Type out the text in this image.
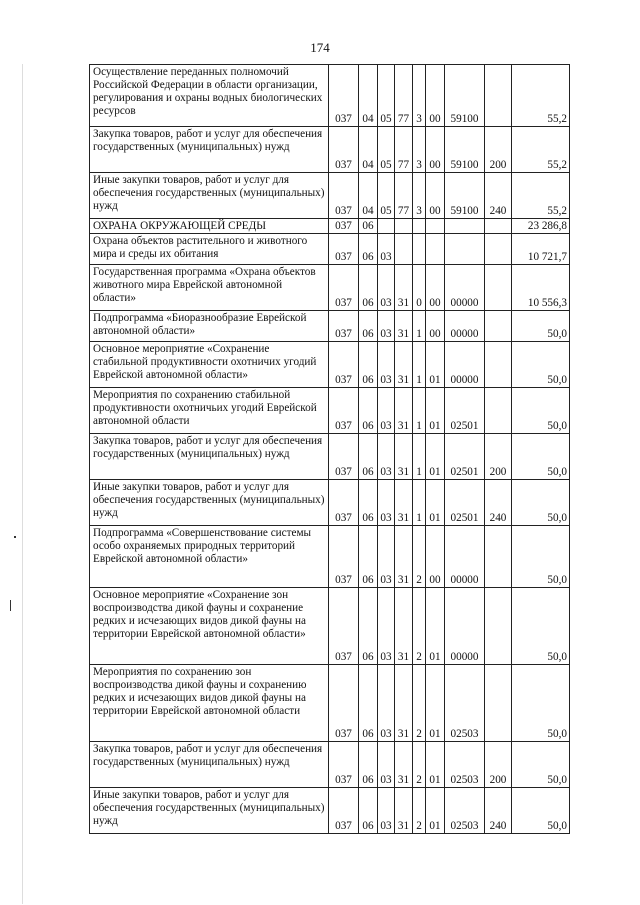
174
Осуществление переданных полномочий Российской Федерации в области организации, регулирования и охраны водных биологических ресурсов	037	04	05	77	3	00	59100		55,2
Закупка товаров, работ и услуг для обеспечения государственных (муниципальных) нужд	037	04	05	77	3	00	59100	200	55,2
Иные закупки товаров, работ и услуг для обеспечения государственных (муниципальных) нужд	037	04	05	77	3	00	59100	240	55,2
ОХРАНА ОКРУЖАЮЩЕЙ СРЕДЫ	037	06							23 286,8
Охрана объектов растительного и животного мира и среды их обитания	037	06	03						10 721,7
Государственная программа «Охрана объектов животного мира Еврейской автономной области»	037	06	03	31	0	00	00000		10 556,3
Подпрограмма «Биоразнообразие Еврейской автономной области»	037	06	03	31	1	00	00000		50,0
Основное мероприятие «Сохранение стабильной продуктивности охотничих угодий Еврейской автономной области»	037	06	03	31	1	01	00000		50,0
Мероприятия по сохранению стабильной продуктивности охотничьих угодий Еврейской автономной области	037	06	03	31	1	01	02501		50,0
Закупка товаров, работ и услуг для обеспечения государственных (муниципальных) нужд	037	06	03	31	1	01	02501	200	50,0
Иные закупки товаров, работ и услуг для обеспечения государственных (муниципальных) нужд	037	06	03	31	1	01	02501	240	50,0
Подпрограмма «Совершенствование системы особо охраняемых природных территорий Еврейской автономной области»	037	06	03	31	2	00	00000		50,0
Основное мероприятие «Сохранение зон воспроизводства дикой фауны и сохранение редких и исчезающих видов дикой фауны на территории Еврейской автономной области»	037	06	03	31	2	01	00000		50,0
Мероприятия по сохранению зон воспроизводства дикой фауны и сохранению редких и исчезающих видов дикой фауны на территории Еврейской автономной области	037	06	03	31	2	01	02503		50,0
Закупка товаров, работ и услуг для обеспечения государственных (муниципальных) нужд	037	06	03	31	2	01	02503	200	50,0
Иные закупки товаров, работ и услуг для обеспечения государственных (муниципальных) нужд	037	06	03	31	2	01	02503	240	50,0
